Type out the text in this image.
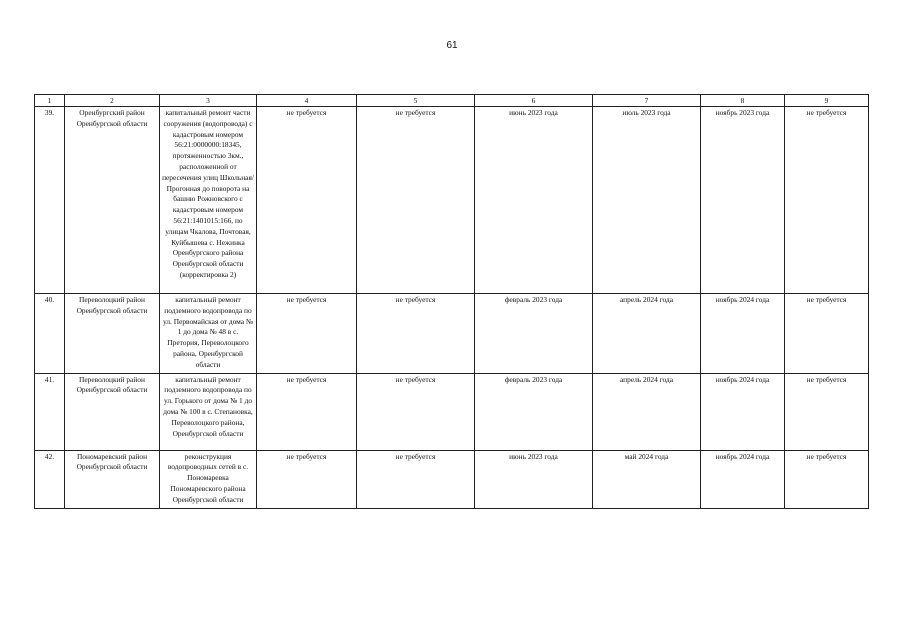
61
1	2	3	4	5	6	7	8	9
39.	Оренбургский район Оренбургской области	капитальный ремонт части сооружения (водопровода) с кадастровым номером 56:21:0000000:18345, протяженностью 3км., расположенной от пересечения улиц Школьная/Прогонная до поворота на башню Рожновского с кадастровым номером 56:21:1401015:166, по улицам Чкалова, Почтовая, Куйбышева с. Нежинка Оренбургского района Оренбургской области (корректировка 2)	не требуется	не требуется	июнь 2023 года	июль 2023 года	ноябрь 2023 года	не требуется
40.	Переволоцкий район Оренбургской области	капитальный ремонт подземного водопровода по ул. Первомайская от дома № 1 до дома № 48 в с. Претория, Переволоцкого района, Оренбургской области	не требуется	не требуется	февраль 2023 года	апрель 2024 года	ноябрь 2024 года	не требуется
41.	Переволоцкий район Оренбургской области	капитальный ремонт подземного водопровода по ул. Горького от дома № 1 до дома № 100 в с. Степановка, Переволоцкого района, Оренбургской области	не требуется	не требуется	февраль 2023 года	апрель 2024 года	ноябрь 2024 года	не требуется
42.	Пономаревский район Оренбургской области	реконструкция водопроводных сетей в с. Пономаревка Пономаревского района Оренбургской области	не требуется	не требуется	июнь 2023 года	май 2024 года	ноябрь 2024 года	не требуется
